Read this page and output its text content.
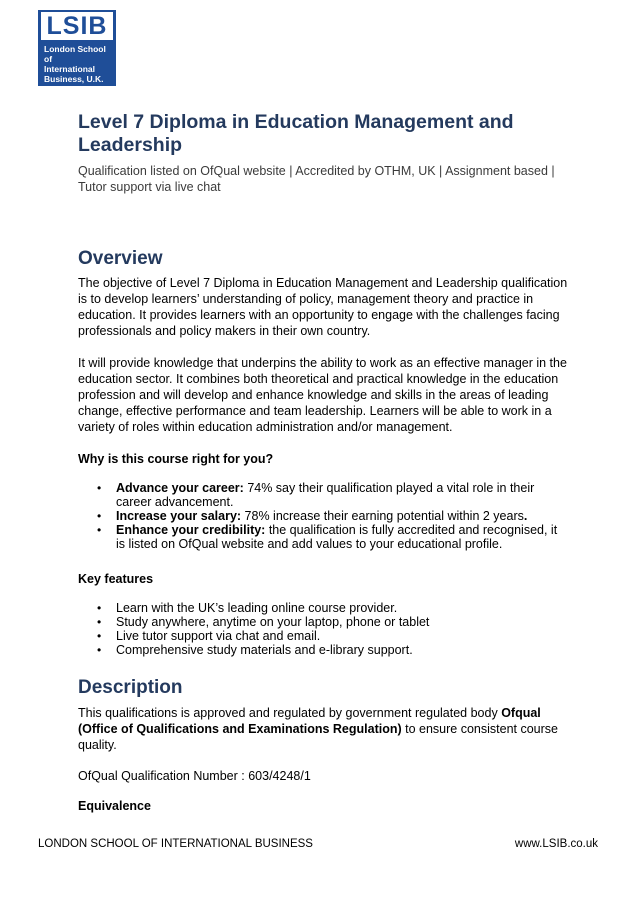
LSIB
London School of
International
Business, U.K.
Level 7 Diploma in Education Management and Leadership

Qualification listed on OfQual website | Accredited by OTHM, UK | Assignment based | Tutor support via live chat

Overview

The objective of Level 7 Diploma in Education Management and Leadership qualification is to develop learners’ understanding of policy, management theory and practice in education. It provides learners with an opportunity to engage with the challenges facing professionals and policy makers in their own country.

It will provide knowledge that underpins the ability to work as an effective manager in the education sector. It combines both theoretical and practical knowledge in the education profession and will develop and enhance knowledge and skills in the areas of leading change, effective performance and team leadership. Learners will be able to work in a variety of roles within education administration and/or management.

Why is this course right for you?
• Advance your career: 74% say their qualification played a vital role in their career advancement.
• Increase your salary: 78% increase their earning potential within 2 years.
• Enhance your credibility: the qualification is fully accredited and recognised, it is listed on OfQual website and add values to your educational profile.
Key features
• Learn with the UK’s leading online course provider.
• Study anywhere, anytime on your laptop, phone or tablet
• Live tutor support via chat and email.
• Comprehensive study materials and e-library support.
Description

This qualifications is approved and regulated by government regulated body Ofqual (Office of Qualifications and Examinations Regulation) to ensure consistent course quality.

OfQual Qualification Number : 603/4248/1

Equivalence
LONDON SCHOOL OF INTERNATIONAL BUSINESS	www.LSIB.co.uk
